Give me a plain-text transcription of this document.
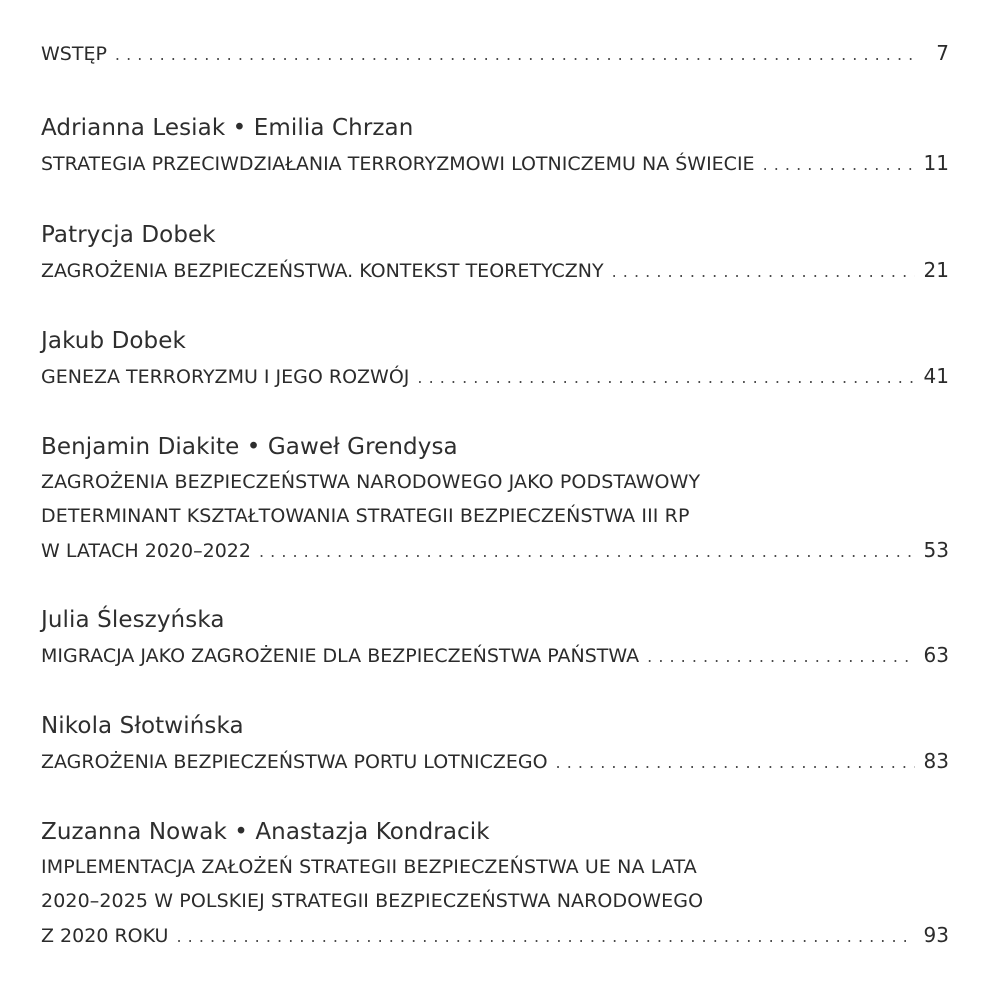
WSTĘP . . .	7
Adrianna Lesiak • Emilia Chrzan
STRATEGIA PRZECIWDZIAŁANIA TERRORYZMOWI LOTNICZEMU NA ŚWIECIE . . .	11
Patrycja Dobek
ZAGROŻENIA BEZPIECZEŃSTWA. KONTEKST TEORETYCZNY . . .	21
Jakub Dobek
GENEZA TERRORYZMU I JEGO ROZWÓJ . . .	41
Benjamin Diakite • Gaweł Grendysa
ZAGROŻENIA BEZPIECZEŃSTWA NARODOWEGO JAKO PODSTAWOWY
DETERMINANT KSZTAŁTOWANIA STRATEGII BEZPIECZEŃSTWA III RP
W LATACH 2020–2022 . . .	53
Julia Śleszyńska
MIGRACJA JAKO ZAGROŻENIE DLA BEZPIECZEŃSTWA PAŃSTWA . . .	63
Nikola Słotwińska
ZAGROŻENIA BEZPIECZEŃSTWA PORTU LOTNICZEGO . . .	83
Zuzanna Nowak • Anastazja Kondracik
IMPLEMENTACJA ZAŁOŻEŃ STRATEGII BEZPIECZEŃSTWA UE NA LATA
2020–2025 W POLSKIEJ STRATEGII BEZPIECZEŃSTWA NARODOWEGO
Z 2020 ROKU . . .	93
